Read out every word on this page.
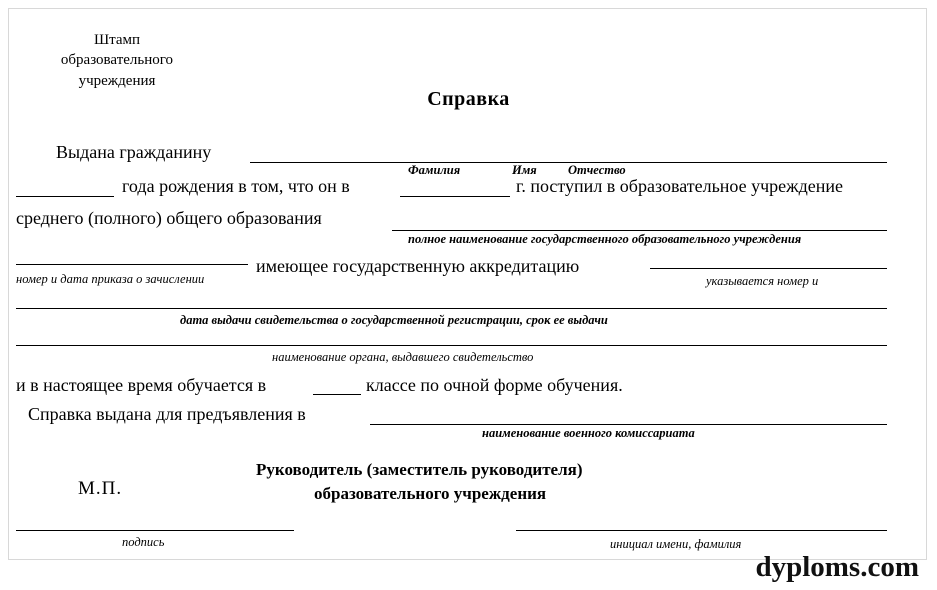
Штамп образовательного учреждения
Справка
Выдана гражданину
Фамилия	Имя	Отчество
года рождения в том, что он в	г. поступил в образовательное учреждение
среднего (полного) общего образования
полное наименование государственного образовательного учреждения
имеющее государственную аккредитацию
номер и дата приказа о зачислении	указывается номер и
дата выдачи свидетельства о государственной регистрации, срок ее выдачи
наименование органа, выдавшего свидетельство
и в настоящее время обучается в	классе по очной форме обучения.
Справка выдана для предъявления в
наименование военного комиссариата
М.П.
Руководитель (заместитель руководителя)
образовательного учреждения
подпись	инициал имени, фамилия
dyploms.com
